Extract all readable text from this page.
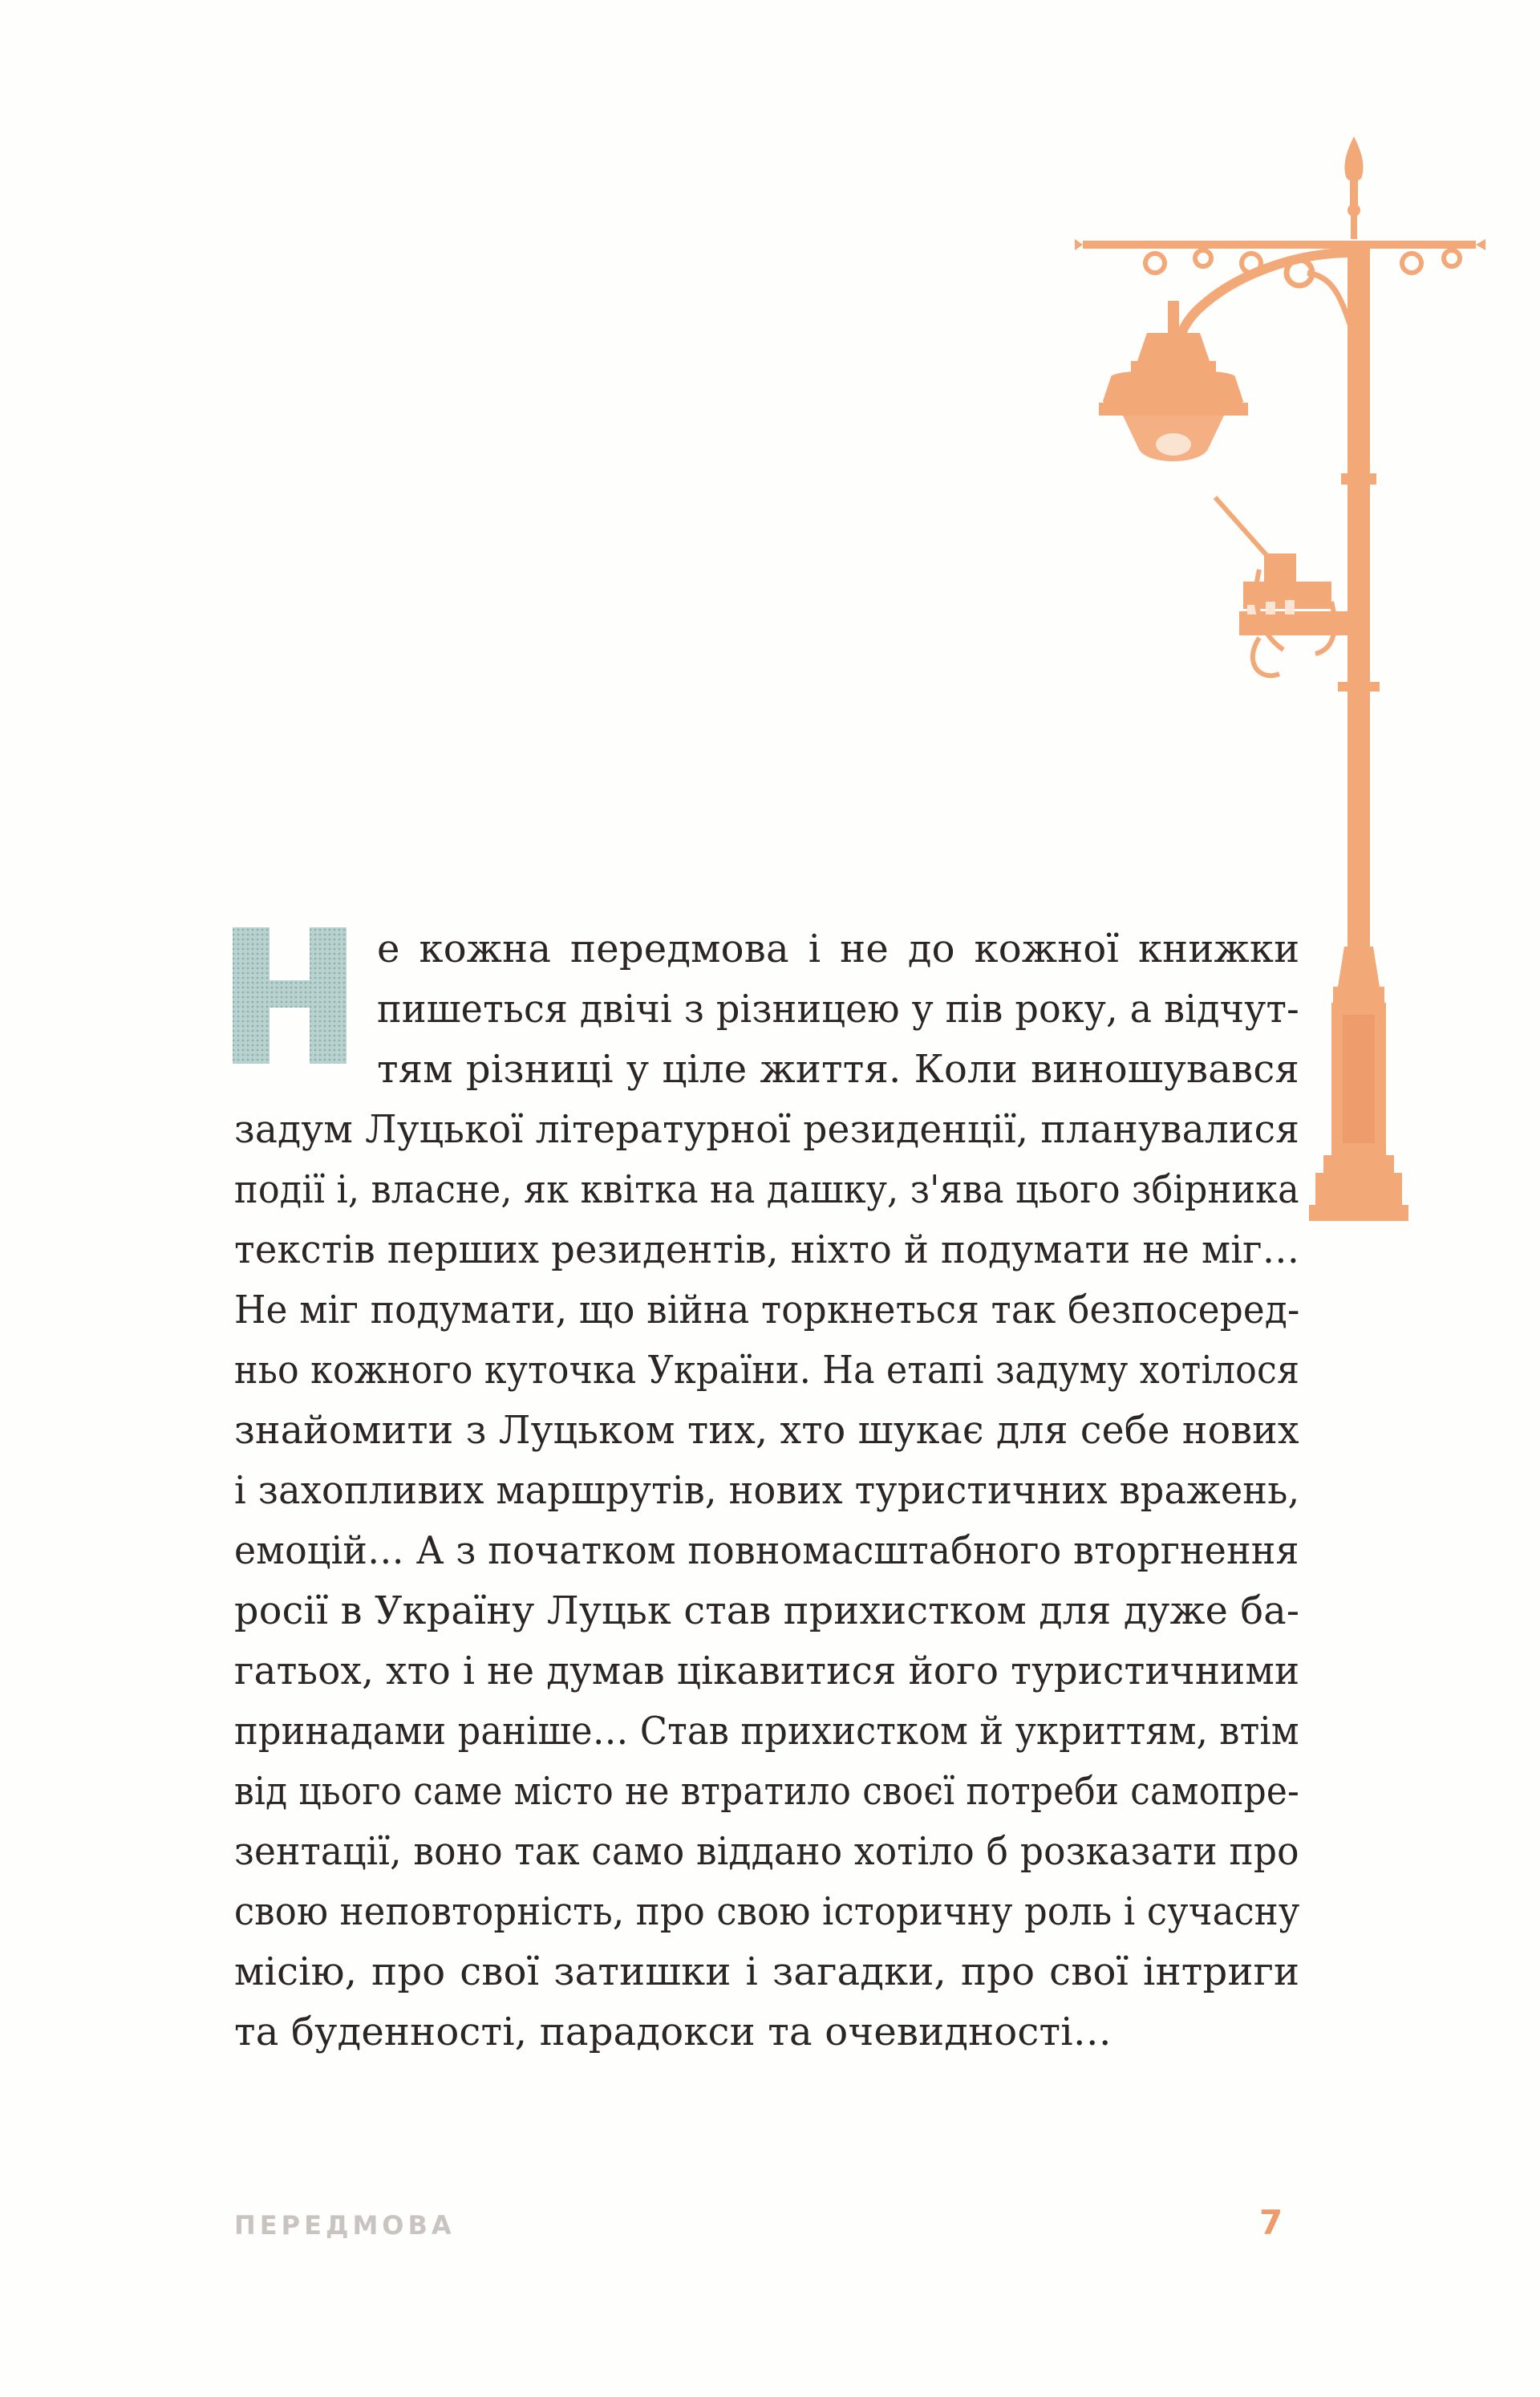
е кожна передмова і не до кожної книжки
пишеться двічі з різницею у пів року, а відчут-
тям різниці у ціле життя. Коли виношувався
задум Луцької літературної резиденції, планувалися
події і, власне, як квітка на дашку, з'ява цього збірника
текстів перших резидентів, ніхто й подумати не міг…
Не міг подумати, що війна торкнеться так безпосеред-
ньо кожного куточка України. На етапі задуму хотілося
знайомити з Луцьком тих, хто шукає для себе нових
і захопливих маршрутів, нових туристичних вражень,
емоцій… А з початком повномасштабного вторгнення
росії в Україну Луцьк став прихистком для дуже ба-
гатьох, хто і не думав цікавитися його туристичними
принадами раніше… Став прихистком й укриттям, втім
від цього саме місто не втратило своєї потреби самопре-
зентації, воно так само віддано хотіло б розказати про
свою неповторність, про свою історичну роль і сучасну
місію, про свої затишки і загадки, про свої інтриги
та буденності, парадокси та очевидності…
ПЕРЕДМОВА	7
